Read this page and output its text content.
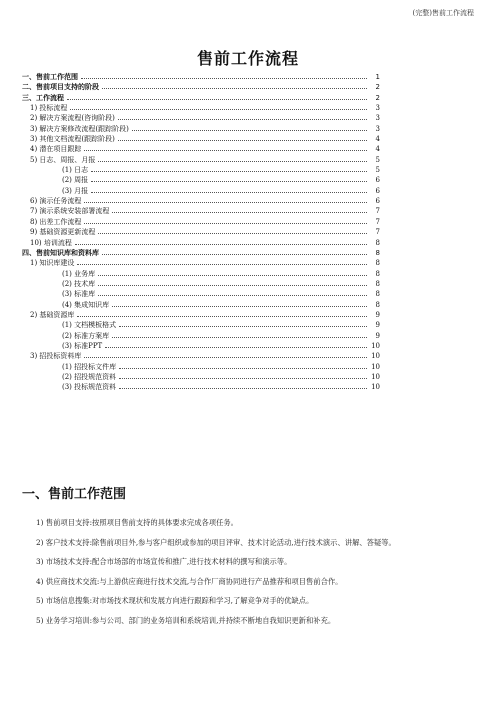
(完整)售前工作流程
售前工作流程
一、售前工作范围	1
二、售前项目支持的阶段	2
三、工作流程	2
1) 投标流程	3
2) 解决方案流程(咨询阶段)	3
3) 解决方案修改流程(跟踪阶段)	3
3) 其他文档流程(跟踪阶段)	4
4) 潜在项目跟踪	4
5) 日志、周报、月报	5
(1) 日志	5
(2) 周报	6
(3) 月报	6
6) 演示任务流程	6
7) 演示系统安装部署流程	7
8) 出差工作流程	7
9) 基础资源更新流程	7
10) 培训流程	8
四、售前知识库和资料库	8
1) 知识库建设	8
(1) 业务库	8
(2) 技术库	8
(3) 标准库	8
(4) 集成知识库	8
2) 基础资源库	9
(1) 文档模板格式	9
(2) 标准方案库	9
(3) 标准PPT	10
3) 招投标资料库	10
(1) 招投标文件库	10
(2) 招投规范资料	10
(3) 投标规范资料	10
一、售前工作范围

1) 售前项目支持:按照项目售前支持的具体要求完成各项任务。

2) 客户技术支持:除售前项目外,参与客户组织或参加的项目评审、技术讨论活动,进行技术演示、讲解、答疑等。

3) 市场技术支持:配合市场部的市场宣传和推广,进行技术材料的撰写和演示等。

4) 供应商技术交流:与上游供应商进行技术交流,与合作厂商协同进行产品推荐和项目售前合作。

5) 市场信息搜集:对市场技术现状和发展方向进行跟踪和学习,了解竞争对手的优缺点。

5) 业务学习培训:参与公司、部门的业务培训和系统培训,并持续不断地自我知识更新和补充。
